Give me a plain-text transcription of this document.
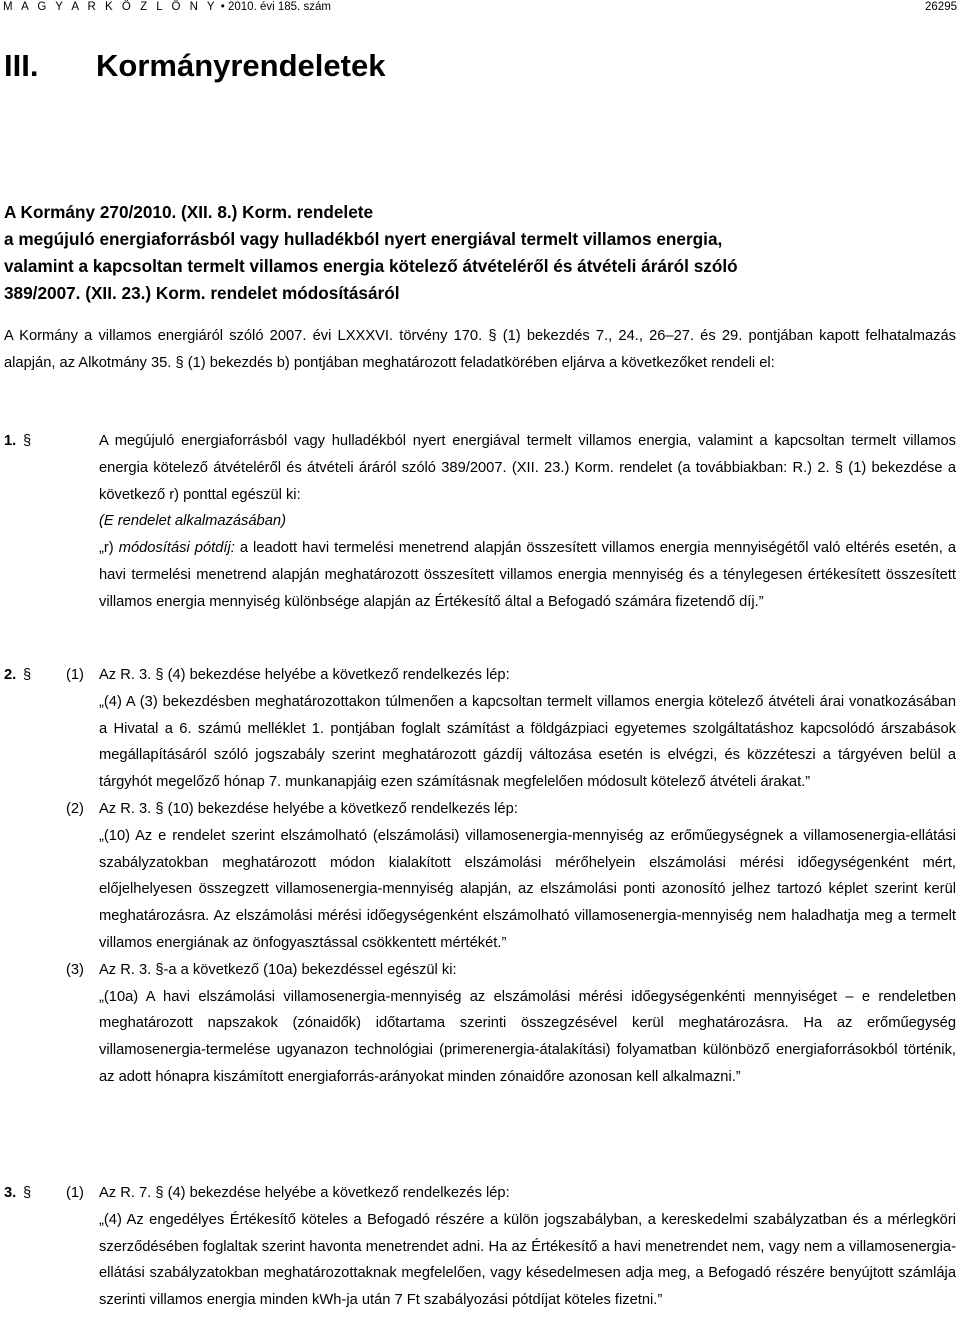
M A G Y A R K Ö Z L Ö N Y • 2010. évi 185. szám	26295
III. Kormányrendeletek
A Kormány 270/2010. (XII. 8.) Korm. rendelete
a megújuló energiaforrásból vagy hulladékból nyert energiával termelt villamos energia,
valamint a kapcsoltan termelt villamos energia kötelező átvételéről és átvételi áráról szóló
389/2007. (XII. 23.) Korm. rendelet módosításáról
A Kormány a villamos energiáról szóló 2007. évi LXXXVI. törvény 170. § (1) bekezdés 7., 24., 26–27. és 29. pontjában kapott felhatalmazás alapján, az Alkotmány 35. § (1) bekezdés b) pontjában meghatározott feladatkörében eljárva a következőket rendeli el:
1. §	A megújuló energiaforrásból vagy hulladékból nyert energiával termelt villamos energia, valamint a kapcsoltan termelt villamos energia kötelező átvételéről és átvételi áráról szóló 389/2007. (XII. 23.) Korm. rendelet (a továbbiakban: R.) 2. § (1) bekezdése a következő r) ponttal egészül ki:

(E rendelet alkalmazásában)

„r) módosítási pótdíj: a leadott havi termelési menetrend alapján összesített villamos energia mennyiségétől való eltérés esetén, a havi termelési menetrend alapján meghatározott összesített villamos energia mennyiség és a ténylegesen értékesített összesített villamos energia mennyiség különbsége alapján az Értékesítő által a Befogadó számára fizetendő díj.”

2. § (1) Az R. 3. § (4) bekezdése helyébe a következő rendelkezés lép:

„(4) A (3) bekezdésben meghatározottakon túlmenően a kapcsoltan termelt villamos energia kötelező átvételi árai vonatkozásában a Hivatal a 6. számú melléklet 1. pontjában foglalt számítást a földgázpiaci egyetemes szolgáltatáshoz kapcsolódó árszabások megállapításáról szóló jogszabály szerint meghatározott gázdíj változása esetén is elvégzi, és közzéteszi a tárgyéven belül a tárgyhót megelőző hónap 7. munkanapjáig ezen számításnak megfelelően módosult kötelező átvételi árakat.”

(2) Az R. 3. § (10) bekezdése helyébe a következő rendelkezés lép:

„(10) Az e rendelet szerint elszámolható (elszámolási) villamosenergia-mennyiség az erőműegységnek a villamosenergia-ellátási szabályzatokban meghatározott módon kialakított elszámolási mérőhelyein elszámolási mérési időegységenként mért, előjelhelyesen összegzett villamosenergia-mennyiség alapján, az elszámolási ponti azonosító jelhez tartozó képlet szerint kerül meghatározásra. Az elszámolási mérési időegységenként elszámolható villamosenergia-mennyiség nem haladhatja meg a termelt villamos energiának az önfogyasztással csökkentett mértékét.”

(3) Az R. 3. §-a a következő (10a) bekezdéssel egészül ki:

„(10a) A havi elszámolási villamosenergia-mennyiség az elszámolási mérési időegységenkénti mennyiséget – e rendeletben meghatározott napszakok (zónaidők) időtartama szerinti összegzésével kerül meghatározásra. Ha az erőműegység villamosenergia-termelése ugyanazon technológiai (primerenergia-átalakítási) folyamatban különböző energiaforrásokból történik, az adott hónapra kiszámított energiaforrás-arányokat minden zónaidőre azonosan kell alkalmazni.”

3. § (1) Az R. 7. § (4) bekezdése helyébe a következő rendelkezés lép:

„(4) Az engedélyes Értékesítő köteles a Befogadó részére a külön jogszabályban, a kereskedelmi szabályzatban és a mérlegköri szerződésében foglaltak szerint havonta menetrendet adni. Ha az Értékesítő a havi menetrendet nem, vagy nem a villamosenergia-ellátási szabályzatokban meghatározottaknak megfelelően, vagy késedelmesen adja meg, a Befogadó részére benyújtott számlája szerinti villamos energia minden kWh-ja után 7 Ft szabályozási pótdíjat köteles fizetni.”
